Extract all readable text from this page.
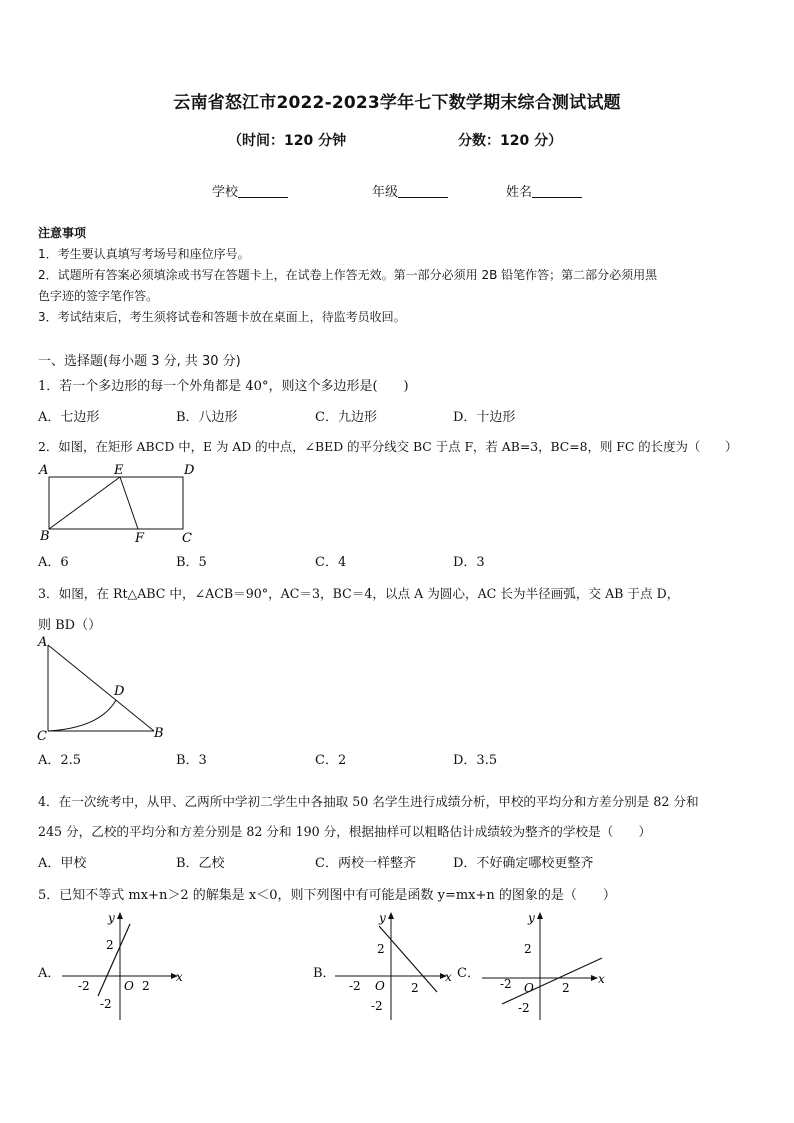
云南省怒江市2022-2023学年七下数学期末综合测试试题
（时间：120 分钟	分数：120 分）
学校	年级	姓名
注意事项
1．考生要认真填写考场号和座位序号。
2．试题所有答案必须填涂或书写在答题卡上，在试卷上作答无效。第一部分必须用 2B 铅笔作答；第二部分必须用黑
色字迹的签字笔作答。
3．考试结束后，考生须将试卷和答题卡放在桌面上，待监考员收回。
一、选择题(每小题 3 分, 共 30 分)
1．若一个多边形的每一个外角都是 40°，则这个多边形是(　　)
A．七边形	B．八边形	C．九边形	D．十边形
2．如图，在矩形 ABCD 中，E 为 AD 的中点，∠BED 的平分线交 BC 于点 F，若 AB=3，BC=8，则 FC 的长度为（　　）
A	E	D
B	F	C
A．6	B．5	C．4	D．3
3．如图，在 Rt△ABC 中，∠ACB＝90°，AC＝3，BC＝4，以点 A 为圆心，AC 长为半径画弧，交 AB 于点 D，
则 BD（）
A
D
C	B
A．2.5	B．3	C．2	D．3.5
4．在一次统考中，从甲、乙两所中学初二学生中各抽取 50 名学生进行成绩分析，甲校的平均分和方差分别是 82 分和
245 分，乙校的平均分和方差分别是 82 分和 190 分，根据抽样可以粗略估计成绩较为整齐的学校是（　　）
A．甲校	B．乙校	C．两校一样整齐	D．不好确定哪校更整齐
5．已知不等式 mx+n＞2 的解集是 x＜0，则下列图中有可能是函数 y=mx+n 的图象的是（　　）
A．	x
y
O
-2	2
2
-2
B．	x
y
O
-2	2
2
-2
C．	x
y
O
-2	2
2
-2
